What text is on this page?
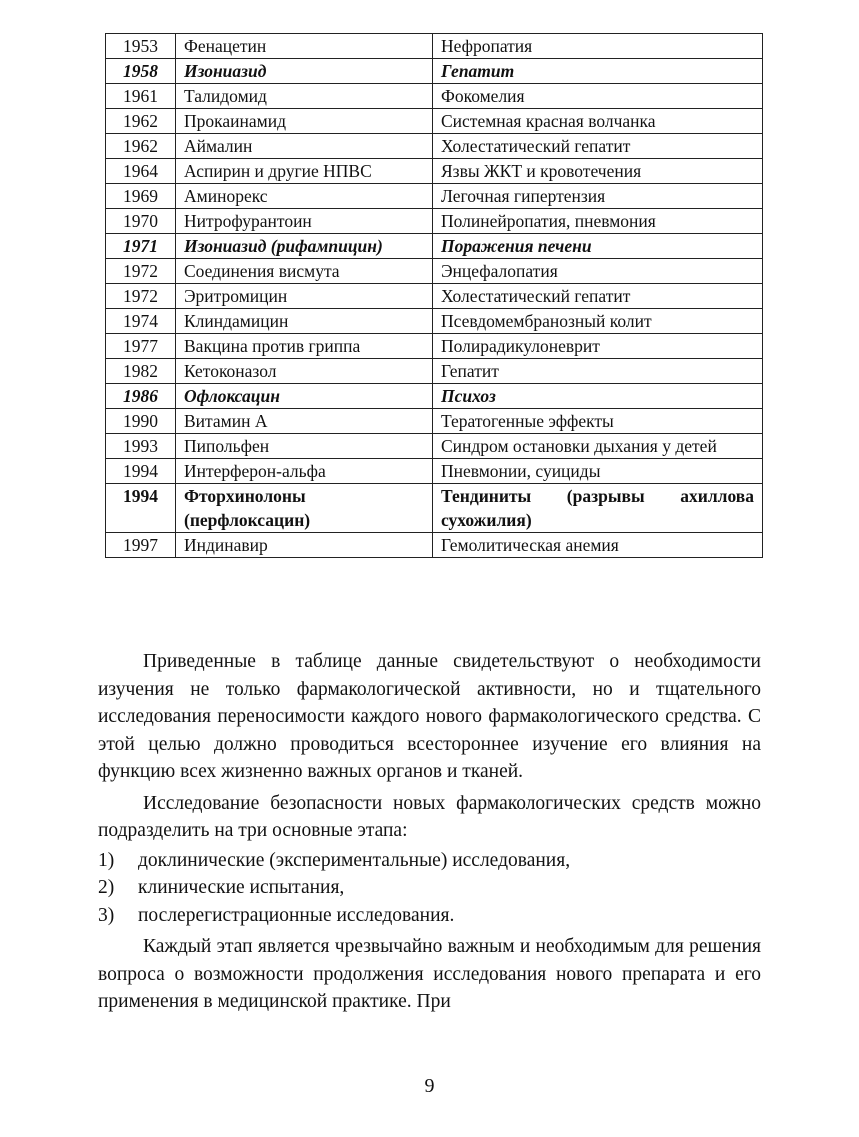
1953	Фенацетин	Нефропатия
1958	Изониазид	Гепатит
1961	Талидомид	Фокомелия
1962	Прокаинамид	Системная красная волчанка
1962	Аймалин	Холестатический гепатит
1964	Аспирин и другие НПВС	Язвы ЖКТ и кровотечения
1969	Аминорекс	Легочная гипертензия
1970	Нитрофурантоин	Полинейропатия, пневмония
1971	Изониазид (рифампицин)	Поражения печени
1972	Соединения висмута	Энцефалопатия
1972	Эритромицин	Холестатический гепатит
1974	Клиндамицин	Псевдомембранозный колит
1977	Вакцина против гриппа	Полирадикулоневрит
1982	Кетоконазол	Гепатит
1986	Офлоксацин	Психоз
1990	Витамин А	Тератогенные эффекты
1993	Пипольфен	Синдром остановки дыхания у детей
1994	Интерферон-альфа	Пневмонии, суициды
1994	Фторхинолоны (перфлоксацин)	Тендиниты (разрывы ахиллова сухожилия)
1997	Индинавир	Гемолитическая анемия

Приведенные в таблице данные свидетельствуют о необходимости изучения не только фармакологической активности, но и тщательного исследования переносимости каждого нового фармакологического средства. С этой целью должно проводиться всестороннее изучение его влияния на функцию всех жизненно важных органов и тканей.

Исследование безопасности новых фармакологических средств можно подразделить на три основные этапа:

1)	доклинические (экспериментальные) исследования,
2)	клинические испытания,
3)	послерегистрационные исследования.

Каждый этап является чрезвычайно важным и необходимым для решения вопроса о возможности продолжения исследования нового препарата и его применения в медицинской практике. При

9
